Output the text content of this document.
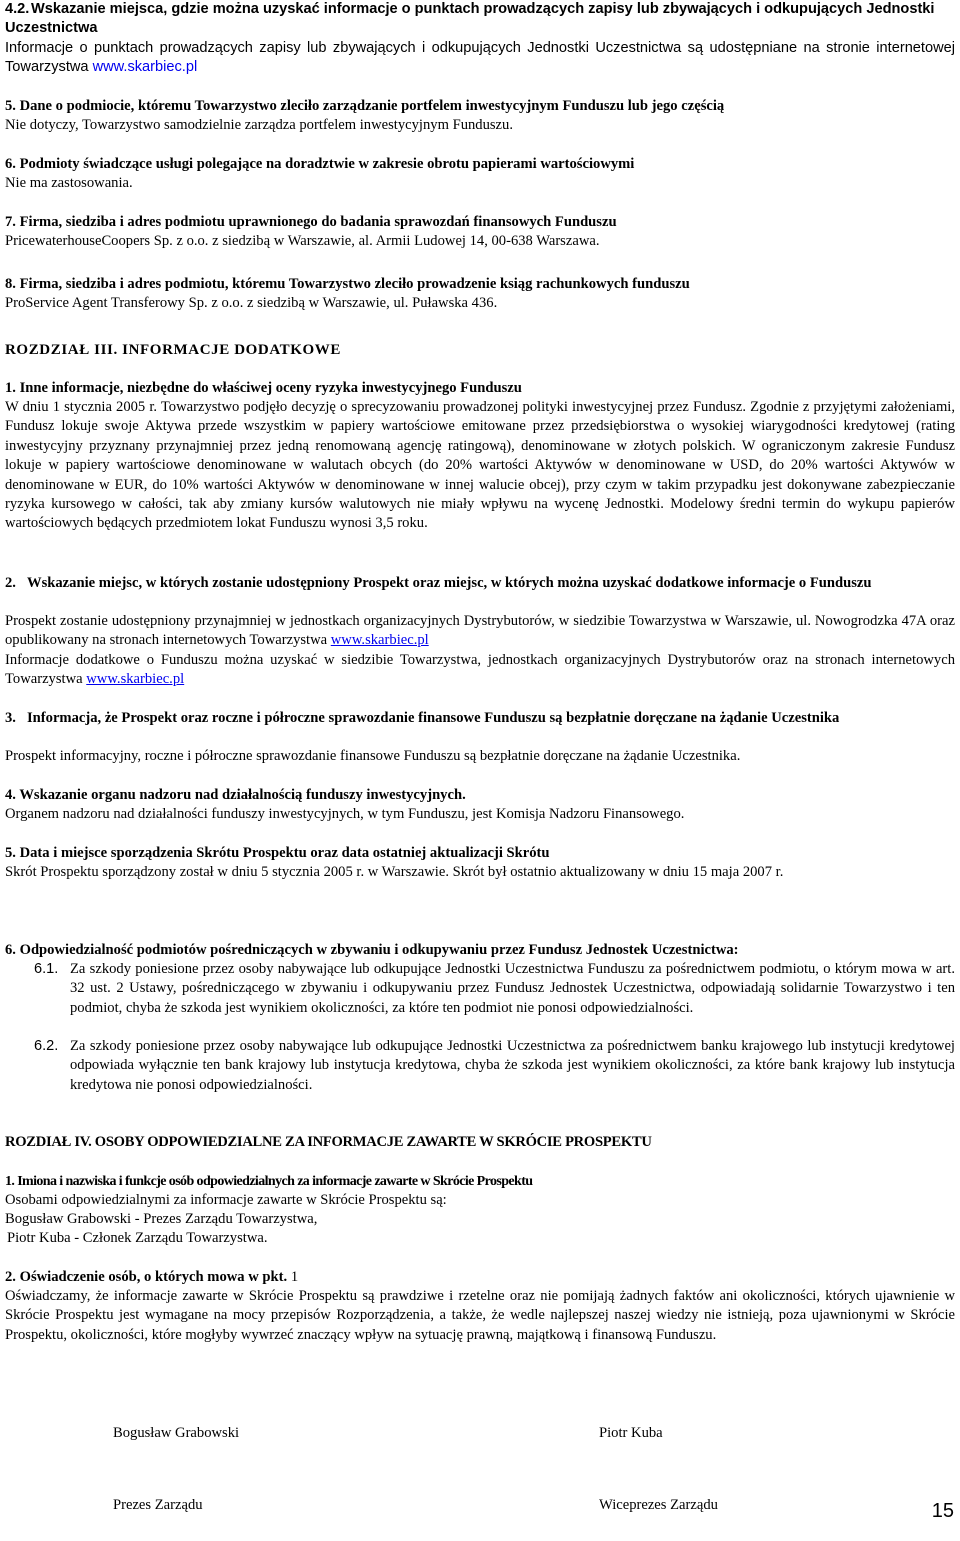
4.2. Wskazanie miejsca, gdzie można uzyskać informacje o punktach prowadzących zapisy lub zbywających i odkupujących Jednostki Uczestnictwa
Informacje o punktach prowadzących zapisy lub zbywających i odkupujących Jednostki Uczestnictwa są udostępniane na stronie internetowej Towarzystwa www.skarbiec.pl
5. Dane o podmiocie, któremu Towarzystwo zleciło zarządzanie portfelem inwestycyjnym Funduszu lub jego częścią
Nie dotyczy, Towarzystwo samodzielnie zarządza portfelem inwestycyjnym Funduszu.
6. Podmioty świadczące usługi polegające na doradztwie w zakresie obrotu papierami wartościowymi
Nie ma zastosowania.
7. Firma, siedziba i adres podmiotu uprawnionego do badania sprawozdań finansowych Funduszu
PricewaterhouseCoopers Sp. z o.o. z siedzibą w Warszawie, al. Armii Ludowej 14, 00-638 Warszawa.
8. Firma, siedziba i adres podmiotu, któremu Towarzystwo zleciło prowadzenie ksiąg rachunkowych funduszu
ProService Agent Transferowy Sp. z o.o. z siedzibą w Warszawie, ul. Puławska 436.
ROZDZIAŁ III. INFORMACJE DODATKOWE
1. Inne informacje, niezbędne do właściwej oceny ryzyka inwestycyjnego Funduszu
W dniu 1 stycznia 2005 r. Towarzystwo podjęło decyzję o sprecyzowaniu prowadzonej polityki inwestycyjnej przez Fundusz. Zgodnie z przyjętymi założeniami, Fundusz lokuje swoje Aktywa przede wszystkim w papiery wartościowe emitowane przez przedsiębiorstwa o wysokiej wiarygodności kredytowej (rating inwestycyjny przyznany przynajmniej przez jedną renomowaną agencję ratingową), denominowane w złotych polskich. W ograniczonym zakresie Fundusz lokuje w papiery wartościowe denominowane w walutach obcych (do 20% wartości Aktywów w denominowane w USD, do 20% wartości Aktywów w denominowane w EUR, do 10% wartości Aktywów w denominowane w innej walucie obcej), przy czym w takim przypadku jest dokonywane zabezpieczanie ryzyka kursowego w całości, tak aby zmiany kursów walutowych nie miały wpływu na wycenę Jednostki. Modelowy średni termin do wykupu papierów wartościowych będących przedmiotem lokat Funduszu wynosi 3,5 roku.
2. Wskazanie miejsc, w których zostanie udostępniony Prospekt oraz miejsc, w których można uzyskać dodatkowe informacje o Funduszu
Prospekt zostanie udostępniony przynajmniej w jednostkach organizacyjnych Dystrybutorów, w siedzibie Towarzystwa w Warszawie, ul. Nowogrodzka 47A oraz opublikowany na stronach internetowych Towarzystwa www.skarbiec.pl
Informacje dodatkowe o Funduszu można uzyskać w siedzibie Towarzystwa, jednostkach organizacyjnych Dystrybutorów oraz na stronach internetowych Towarzystwa www.skarbiec.pl
3. Informacja, że Prospekt oraz roczne i półroczne sprawozdanie finansowe Funduszu są bezpłatnie doręczane na żądanie Uczestnika
Prospekt informacyjny, roczne i półroczne sprawozdanie finansowe Funduszu są bezpłatnie doręczane na żądanie Uczestnika.
4. Wskazanie organu nadzoru nad działalnością funduszy inwestycyjnych.
Organem nadzoru nad działalności funduszy inwestycyjnych, w tym Funduszu, jest Komisja Nadzoru Finansowego.
5. Data i miejsce sporządzenia Skrótu Prospektu oraz data ostatniej aktualizacji Skrótu
Skrót Prospektu sporządzony został w dniu 5 stycznia 2005 r. w Warszawie. Skrót był ostatnio aktualizowany w dniu 15 maja 2007 r.
6. Odpowiedzialność podmiotów pośredniczących w zbywaniu i odkupywaniu przez Fundusz Jednostek Uczestnictwa:
6.1. Za szkody poniesione przez osoby nabywające lub odkupujące Jednostki Uczestnictwa Funduszu za pośrednictwem podmiotu, o którym mowa w art. 32 ust. 2 Ustawy, pośredniczącego w zbywaniu i odkupywaniu przez Fundusz Jednostek Uczestnictwa, odpowiadają solidarnie Towarzystwo i ten podmiot, chyba że szkoda jest wynikiem okoliczności, za które ten podmiot nie ponosi odpowiedzialności.
6.2. Za szkody poniesione przez osoby nabywające lub odkupujące Jednostki Uczestnictwa za pośrednictwem banku krajowego lub instytucji kredytowej odpowiada wyłącznie ten bank krajowy lub instytucja kredytowa, chyba że szkoda jest wynikiem okoliczności, za które bank krajowy lub instytucja kredytowa nie ponosi odpowiedzialności.
ROZDIAŁ IV. OSOBY ODPOWIEDZIALNE ZA INFORMACJE ZAWARTE W SKRÓCIE PROSPEKTU
1. Imiona i nazwiska i funkcje osób odpowiedzialnych za informacje zawarte w Skrócie Prospektu
Osobami odpowiedzialnymi za informacje zawarte w Skrócie Prospektu są:
Bogusław Grabowski - Prezes Zarządu Towarzystwa,
Piotr Kuba - Członek Zarządu Towarzystwa.
2. Oświadczenie osób, o których mowa w pkt. 1
Oświadczamy, że informacje zawarte w Skrócie Prospektu są prawdziwe i rzetelne oraz nie pomijają żadnych faktów ani okoliczności, których ujawnienie w Skrócie Prospektu jest wymagane na mocy przepisów Rozporządzenia, a także, że wedle najlepszej naszej wiedzy nie istnieją, poza ujawnionymi w Skrócie Prospektu, okoliczności, które mogłyby wywrzeć znaczący wpływ na sytuację prawną, majątkową i finansową Funduszu.
Bogusław Grabowski	Piotr Kuba
Prezes Zarządu	Wiceprezes Zarządu	15
